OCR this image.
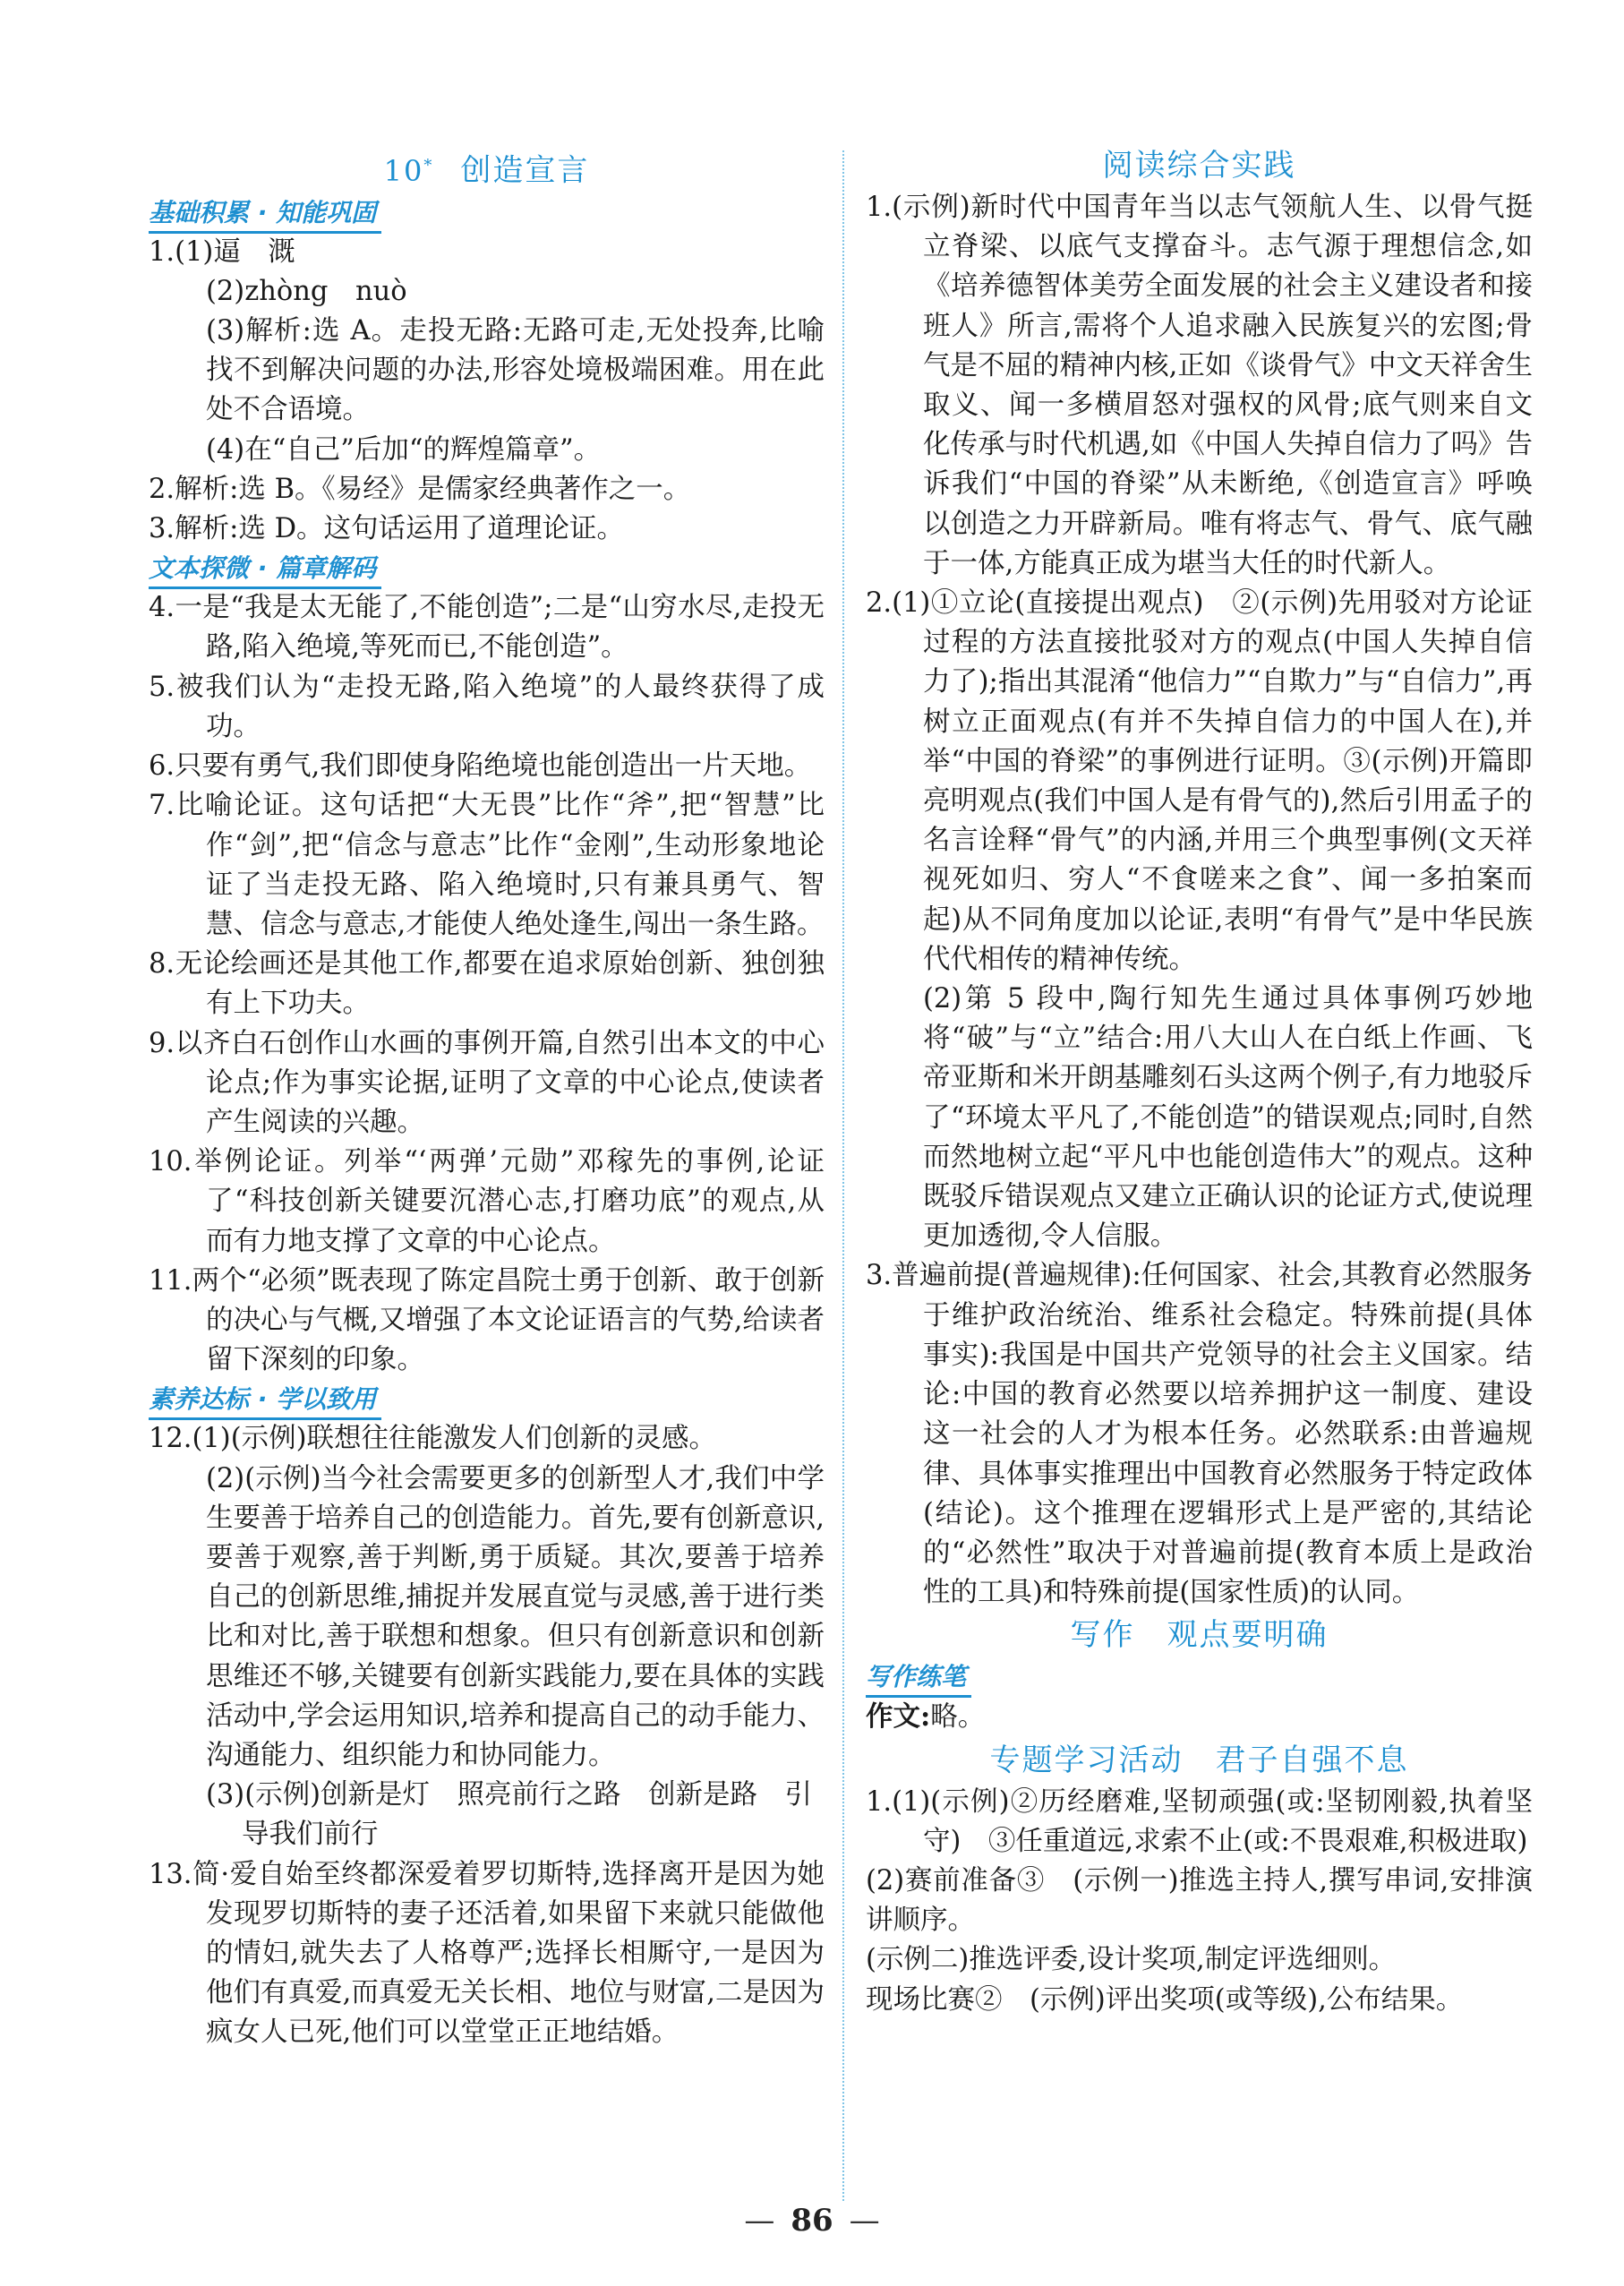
10* 创造宣言
基础积累 · 知能巩固

1.(1)逼　溉

(2)zhòng　nuò

(3)解析:选 A。走投无路:无路可走,无处投奔,比喻找不到解决问题的办法,形容处境极端困难。用在此处不合语境。

(4)在“自己”后加“的辉煌篇章”。

2.解析:选 B。《易经》是儒家经典著作之一。

3.解析:选 D。这句话运用了道理论证。

文本探微 · 篇章解码

4.一是“我是太无能了,不能创造”;二是“山穷水尽,走投无路,陷入绝境,等死而已,不能创造”。

5.被我们认为“走投无路,陷入绝境”的人最终获得了成功。

6.只要有勇气,我们即使身陷绝境也能创造出一片天地。

7.比喻论证。这句话把“大无畏”比作“斧”,把“智慧”比作“剑”,把“信念与意志”比作“金刚”,生动形象地论证了当走投无路、陷入绝境时,只有兼具勇气、智慧、信念与意志,才能使人绝处逢生,闯出一条生路。

8.无论绘画还是其他工作,都要在追求原始创新、独创独有上下功夫。

9.以齐白石创作山水画的事例开篇,自然引出本文的中心论点;作为事实论据,证明了文章的中心论点,使读者产生阅读的兴趣。

10.举例论证。列举“‘两弹’元勋”邓稼先的事例,论证了“科技创新关键要沉潜心志,打磨功底”的观点,从而有力地支撑了文章的中心论点。

11.两个“必须”既表现了陈定昌院士勇于创新、敢于创新的决心与气概,又增强了本文论证语言的气势,给读者留下深刻的印象。

素养达标 · 学以致用

12.(1)(示例)联想往往能激发人们创新的灵感。

(2)(示例)当今社会需要更多的创新型人才,我们中学生要善于培养自己的创造能力。首先,要有创新意识,要善于观察,善于判断,勇于质疑。其次,要善于培养自己的创新思维,捕捉并发展直觉与灵感,善于进行类比和对比,善于联想和想象。但只有创新意识和创新思维还不够,关键要有创新实践能力,要在具体的实践活动中,学会运用知识,培养和提高自己的动手能力、沟通能力、组织能力和协同能力。

(3)(示例)创新是灯　照亮前行之路　创新是路　引导我们前行

13.简·爱自始至终都深爱着罗切斯特,选择离开是因为她发现罗切斯特的妻子还活着,如果留下来就只能做他的情妇,就失去了人格尊严;选择长相厮守,一是因为他们有真爱,而真爱无关长相、地位与财富,二是因为疯女人已死,他们可以堂堂正正地结婚。

阅读综合实践

1.(示例)新时代中国青年当以志气领航人生、以骨气挺立脊梁、以底气支撑奋斗。志气源于理想信念,如《培养德智体美劳全面发展的社会主义建设者和接班人》所言,需将个人追求融入民族复兴的宏图;骨气是不屈的精神内核,正如《谈骨气》中文天祥舍生取义、闻一多横眉怒对强权的风骨;底气则来自文化传承与时代机遇,如《中国人失掉自信力了吗》告诉我们“中国的脊梁”从未断绝,《创造宣言》呼唤以创造之力开辟新局。唯有将志气、骨气、底气融于一体,方能真正成为堪当大任的时代新人。

2.(1)①立论(直接提出观点)　②(示例)先用驳对方论证过程的方法直接批驳对方的观点(中国人失掉自信力了);指出其混淆“他信力”“自欺力”与“自信力”,再树立正面观点(有并不失掉自信力的中国人在),并举“中国的脊梁”的事例进行证明。③(示例)开篇即亮明观点(我们中国人是有骨气的),然后引用孟子的名言诠释“骨气”的内涵,并用三个典型事例(文天祥视死如归、穷人“不食嗟来之食”、闻一多拍案而起)从不同角度加以论证,表明“有骨气”是中华民族代代相传的精神传统。

(2)第 5 段中,陶行知先生通过具体事例巧妙地将“破”与“立”结合:用八大山人在白纸上作画、飞帝亚斯和米开朗基雕刻石头这两个例子,有力地驳斥了“环境太平凡了,不能创造”的错误观点;同时,自然而然地树立起“平凡中也能创造伟大”的观点。这种既驳斥错误观点又建立正确认识的论证方式,使说理更加透彻,令人信服。

3.普遍前提(普遍规律):任何国家、社会,其教育必然服务于维护政治统治、维系社会稳定。特殊前提(具体事实):我国是中国共产党领导的社会主义国家。结论:中国的教育必然要以培养拥护这一制度、建设这一社会的人才为根本任务。必然联系:由普遍规律、具体事实推理出中国教育必然服务于特定政体(结论)。这个推理在逻辑形式上是严密的,其结论的“必然性”取决于对普遍前提(教育本质上是政治性的工具)和特殊前提(国家性质)的认同。

写作　观点要明确
写作练笔

作文:略。

专题学习活动　君子自强不息

1.(1)(示例)②历经磨难,坚韧顽强(或:坚韧刚毅,执着坚守)　③任重道远,求索不止(或:不畏艰难,积极进取)

(2)赛前准备③　(示例一)推选主持人,撰写串词,安排演讲顺序。

(示例二)推选评委,设计奖项,制定评选细则。

现场比赛②　(示例)评出奖项(或等级),公布结果。

— 86 —
